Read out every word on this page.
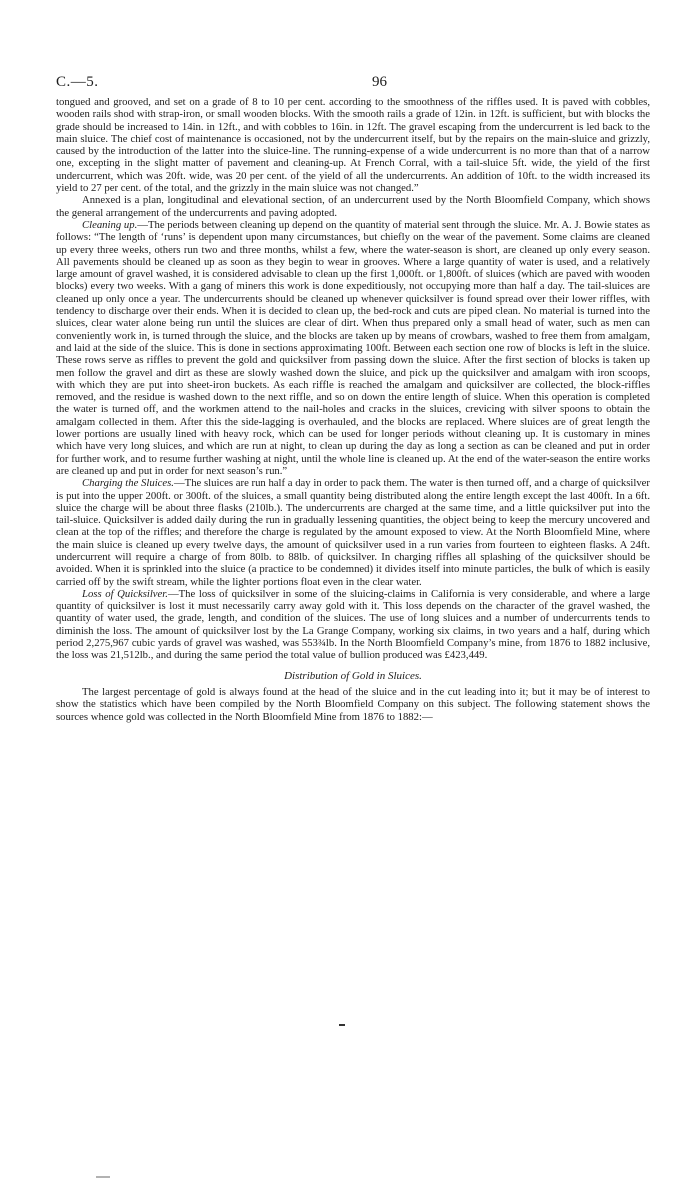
C.—5.	96

tongued and grooved, and set on a grade of 8 to 10 per cent. according to the smoothness of the riffles used. It is paved with cobbles, wooden rails shod with strap-iron, or small wooden blocks. With the smooth rails a grade of 12in. in 12ft. is sufficient, but with blocks the grade should be increased to 14in. in 12ft., and with cobbles to 16in. in 12ft. The gravel escaping from the undercurrent is led back to the main sluice. The chief cost of maintenance is occasioned, not by the undercurrent itself, but by the repairs on the main-sluice and grizzly, caused by the introduction of the latter into the sluice-line. The running-expense of a wide undercurrent is no more than that of a narrow one, excepting in the slight matter of pavement and cleaning-up. At French Corral, with a tail-sluice 5ft. wide, the yield of the first undercurrent, which was 20ft. wide, was 20 per cent. of the yield of all the undercurrents. An addition of 10ft. to the width increased its yield to 27 per cent. of the total, and the grizzly in the main sluice was not changed.”

Annexed is a plan, longitudinal and elevational section, of an undercurrent used by the North Bloomfield Company, which shows the general arrangement of the undercurrents and paving adopted.

Cleaning up.—The periods between cleaning up depend on the quantity of material sent through the sluice. Mr. A. J. Bowie states as follows: “The length of ‘runs’ is dependent upon many circumstances, but chiefly on the wear of the pavement. Some claims are cleaned up every three weeks, others run two and three months, whilst a few, where the water-season is short, are cleaned up only every season. All pavements should be cleaned up as soon as they begin to wear in grooves. Where a large quantity of water is used, and a relatively large amount of gravel washed, it is considered advisable to clean up the first 1,000ft. or 1,800ft. of sluices (which are paved with wooden blocks) every two weeks. With a gang of miners this work is done expeditiously, not occupying more than half a day. The tail-sluices are cleaned up only once a year. The undercurrents should be cleaned up whenever quicksilver is found spread over their lower riffles, with tendency to discharge over their ends. When it is decided to clean up, the bed-rock and cuts are piped clean. No material is turned into the sluices, clear water alone being run until the sluices are clear of dirt. When thus prepared only a small head of water, such as men can conveniently work in, is turned through the sluice, and the blocks are taken up by means of crowbars, washed to free them from amalgam, and laid at the side of the sluice. This is done in sections approximating 100ft. Between each section one row of blocks is left in the sluice. These rows serve as riffles to prevent the gold and quicksilver from passing down the sluice. After the first section of blocks is taken up men follow the gravel and dirt as these are slowly washed down the sluice, and pick up the quicksilver and amalgam with iron scoops, with which they are put into sheet-iron buckets. As each riffle is reached the amalgam and quicksilver are collected, the block-riffles removed, and the residue is washed down to the next riffle, and so on down the entire length of sluice. When this operation is completed the water is turned off, and the workmen attend to the nail-holes and cracks in the sluices, crevicing with silver spoons to obtain the amalgam collected in them. After this the side-lagging is overhauled, and the blocks are replaced. Where sluices are of great length the lower portions are usually lined with heavy rock, which can be used for longer periods without cleaning up. It is customary in mines which have very long sluices, and which are run at night, to clean up during the day as long a section as can be cleaned and put in order for further work, and to resume further washing at night, until the whole line is cleaned up. At the end of the water-season the entire works are cleaned up and put in order for next season’s run.”

Charging the Sluices.—The sluices are run half a day in order to pack them. The water is then turned off, and a charge of quicksilver is put into the upper 200ft. or 300ft. of the sluices, a small quantity being distributed along the entire length except the last 400ft. In a 6ft. sluice the charge will be about three flasks (210lb.). The undercurrents are charged at the same time, and a little quicksilver put into the tail-sluice. Quicksilver is added daily during the run in gradually lessening quantities, the object being to keep the mercury uncovered and clean at the top of the riffles; and therefore the charge is regulated by the amount exposed to view. At the North Bloomfield Mine, where the main sluice is cleaned up every twelve days, the amount of quicksilver used in a run varies from fourteen to eighteen flasks. A 24ft. undercurrent will require a charge of from 80lb. to 88lb. of quicksilver. In charging riffles all splashing of the quicksilver should be avoided. When it is sprinkled into the sluice (a practice to be condemned) it divides itself into minute particles, the bulk of which is easily carried off by the swift stream, while the lighter portions float even in the clear water.

Loss of Quicksilver.—The loss of quicksilver in some of the sluicing-claims in California is very considerable, and where a large quantity of quicksilver is lost it must necessarily carry away gold with it. This loss depends on the character of the gravel washed, the quantity of water used, the grade, length, and condition of the sluices. The use of long sluices and a number of undercurrents tends to diminish the loss. The amount of quicksilver lost by the La Grange Company, working six claims, in two years and a half, during which period 2,275,967 cubic yards of gravel was washed, was 553¾lb. In the North Bloomfield Company’s mine, from 1876 to 1882 inclusive, the loss was 21,512lb., and during the same period the total value of bullion produced was £423,449.

Distribution of Gold in Sluices.

The largest percentage of gold is always found at the head of the sluice and in the cut leading into it; but it may be of interest to show the statistics which have been compiled by the North Bloomfield Company on this subject. The following statement shows the sources whence gold was collected in the North Bloomfield Mine from 1876 to 1882:—
